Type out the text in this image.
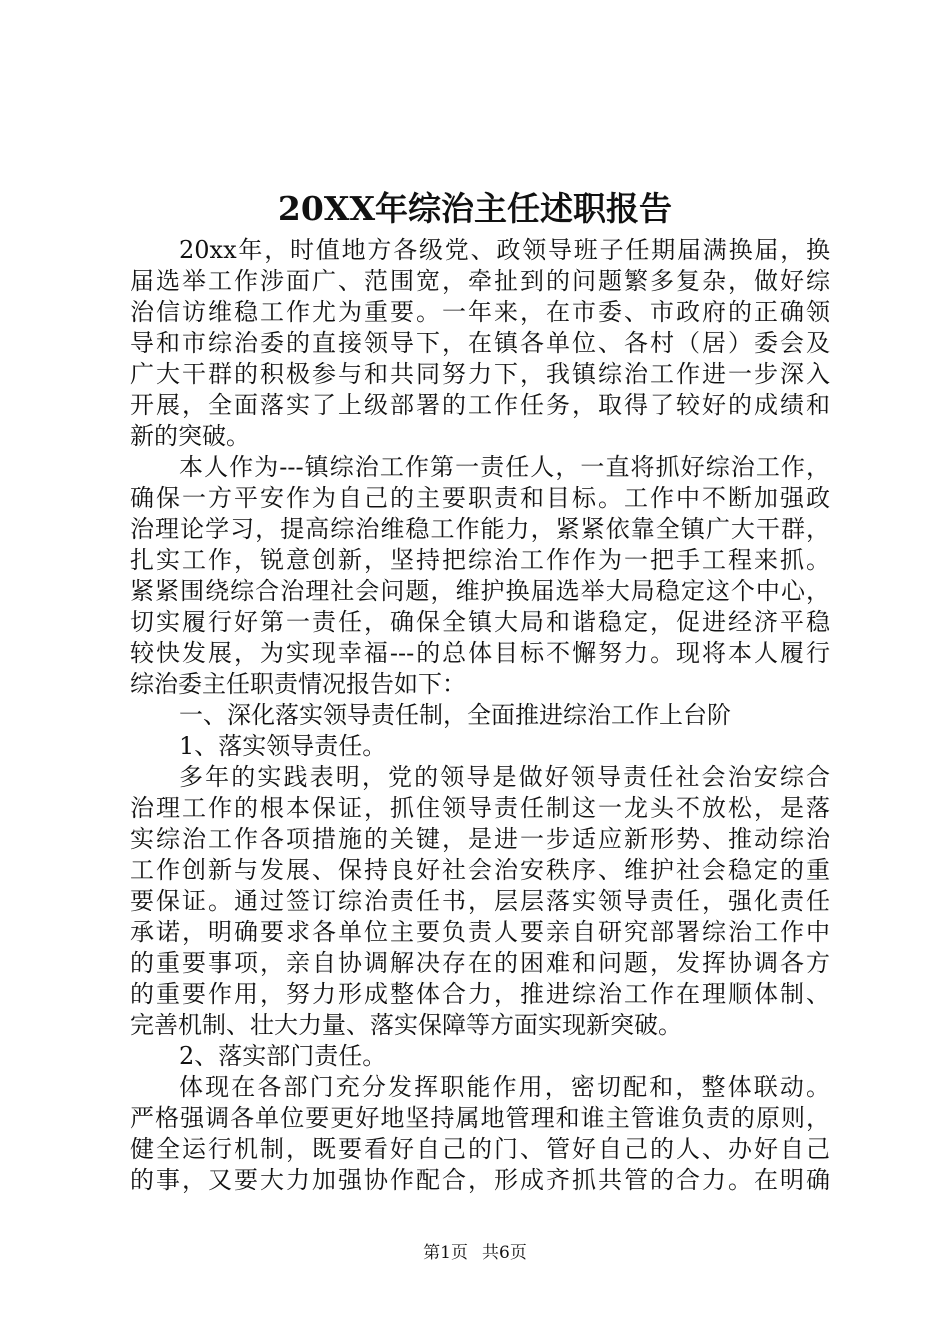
20XX年综治主任述职报告
20xx年，时值地方各级党、政领导班子任期届满换届，换
届选举工作涉面广、范围宽，牵扯到的问题繁多复杂，做好综
治信访维稳工作尤为重要。一年来，在市委、市政府的正确领
导和市综治委的直接领导下，在镇各单位、各村（居）委会及
广大干群的积极参与和共同努力下，我镇综治工作进一步深入
开展，全面落实了上级部署的工作任务，取得了较好的成绩和
新的突破。
本人作为---镇综治工作第一责任人，一直将抓好综治工作，
确保一方平安作为自己的主要职责和目标。工作中不断加强政
治理论学习，提高综治维稳工作能力，紧紧依靠全镇广大干群，
扎实工作，锐意创新，坚持把综治工作作为一把手工程来抓。
紧紧围绕综合治理社会问题，维护换届选举大局稳定这个中心，
切实履行好第一责任，确保全镇大局和谐稳定，促进经济平稳
较快发展，为实现幸福---的总体目标不懈努力。现将本人履行
综治委主任职责情况报告如下：
一、深化落实领导责任制，全面推进综治工作上台阶
1、落实领导责任。
多年的实践表明，党的领导是做好领导责任社会治安综合
治理工作的根本保证，抓住领导责任制这一龙头不放松，是落
实综治工作各项措施的关键，是进一步适应新形势、推动综治
工作创新与发展、保持良好社会治安秩序、维护社会稳定的重
要保证。通过签订综治责任书，层层落实领导责任，强化责任
承诺，明确要求各单位主要负责人要亲自研究部署综治工作中
的重要事项，亲自协调解决存在的困难和问题，发挥协调各方
的重要作用，努力形成整体合力，推进综治工作在理顺体制、
完善机制、壮大力量、落实保障等方面实现新突破。
2、落实部门责任。
体现在各部门充分发挥职能作用，密切配和，整体联动。
严格强调各单位要更好地坚持属地管理和谁主管谁负责的原则，
健全运行机制，既要看好自己的门、管好自己的人、办好自己
的事，又要大力加强协作配合，形成齐抓共管的合力。在明确
第1页 共6页
